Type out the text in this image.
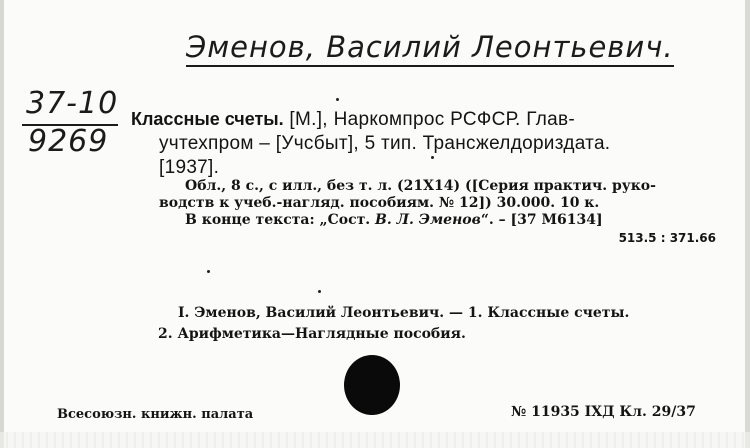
Эменов, Василий Леонтьевич.
37-10
9269
Классные счеты. [М.], Наркомпрос РСФСР. Глав-
учтехпром – [Учсбыт], 5 тип. Трансжелдориздата.
[1937].
Обл., 8 с., с илл., без т. л. (21X14) ([Серия практич. руко-
водств к учеб.-нагляд. пособиям. № 12]) 30.000. 10 к.
В конце текста: „Сост. В. Л. Эменов“. – [37 М6134]
513.5 : 371.66
I. Эменов, Василий Леонтьевич. — 1. Классные счеты.
2. Арифметика—Наглядные пособия.
Всесоюзн. книжн. палата	№ 11935 IXД Кл. 29/37
